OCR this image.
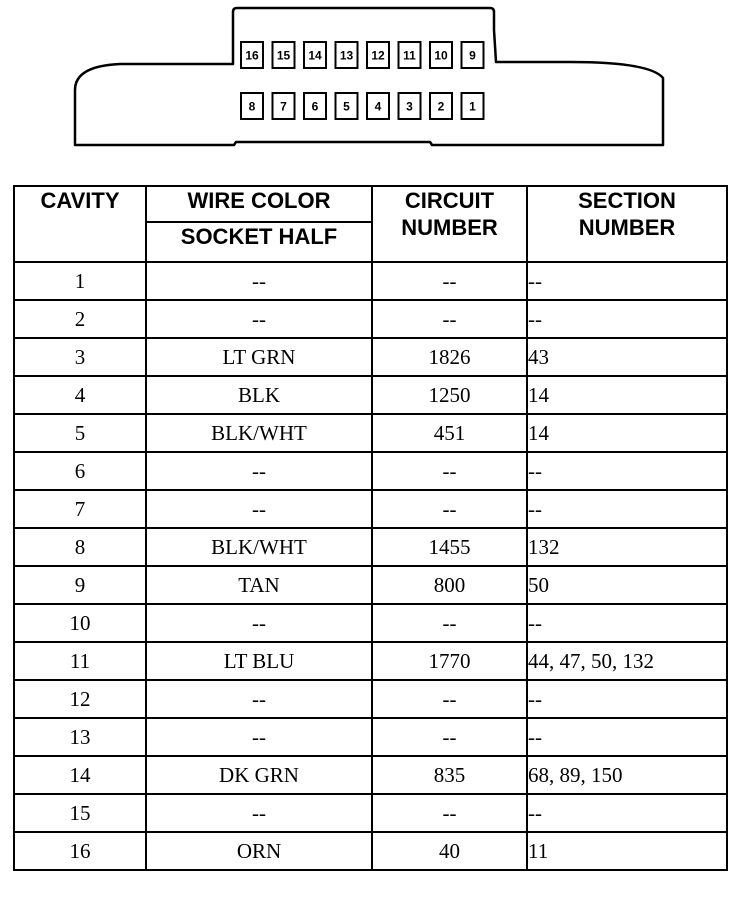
16 15 14 13 12 11 10 9
8 7 6 5 4 3 2 1
CAVITY	WIRE COLOR	CIRCUIT NUMBER	SECTION NUMBER
	SOCKET HALF		
1	--	--	--
2	--	--	--
3	LT GRN	1826	43
4	BLK	1250	14
5	BLK/WHT	451	14
6	--	--	--
7	--	--	--
8	BLK/WHT	1455	132
9	TAN	800	50
10	--	--	--
11	LT BLU	1770	44, 47, 50, 132
12	--	--	--
13	--	--	--
14	DK GRN	835	68, 89, 150
15	--	--	--
16	ORN	40	11
